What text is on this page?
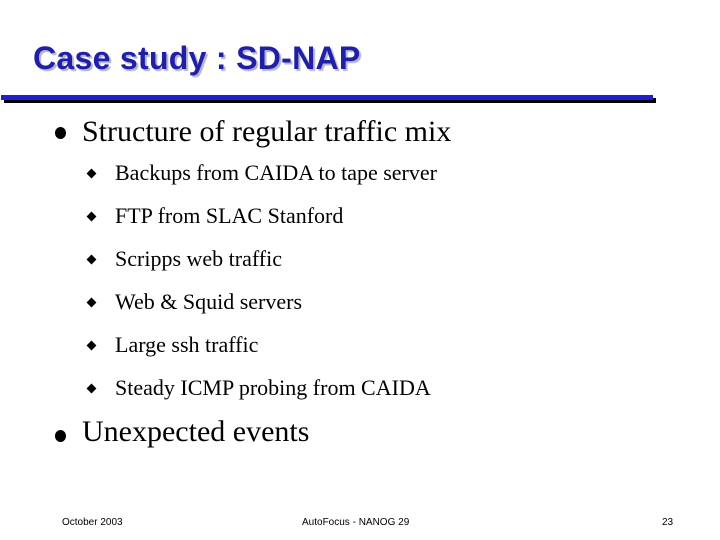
Case study : SD-NAP
Structure of regular traffic mix
Backups from CAIDA to tape server
FTP from SLAC Stanford
Scripps web traffic
Web & Squid servers
Large ssh traffic
Steady ICMP probing from CAIDA
Unexpected events
October 2003	AutoFocus - NANOG 29	23
